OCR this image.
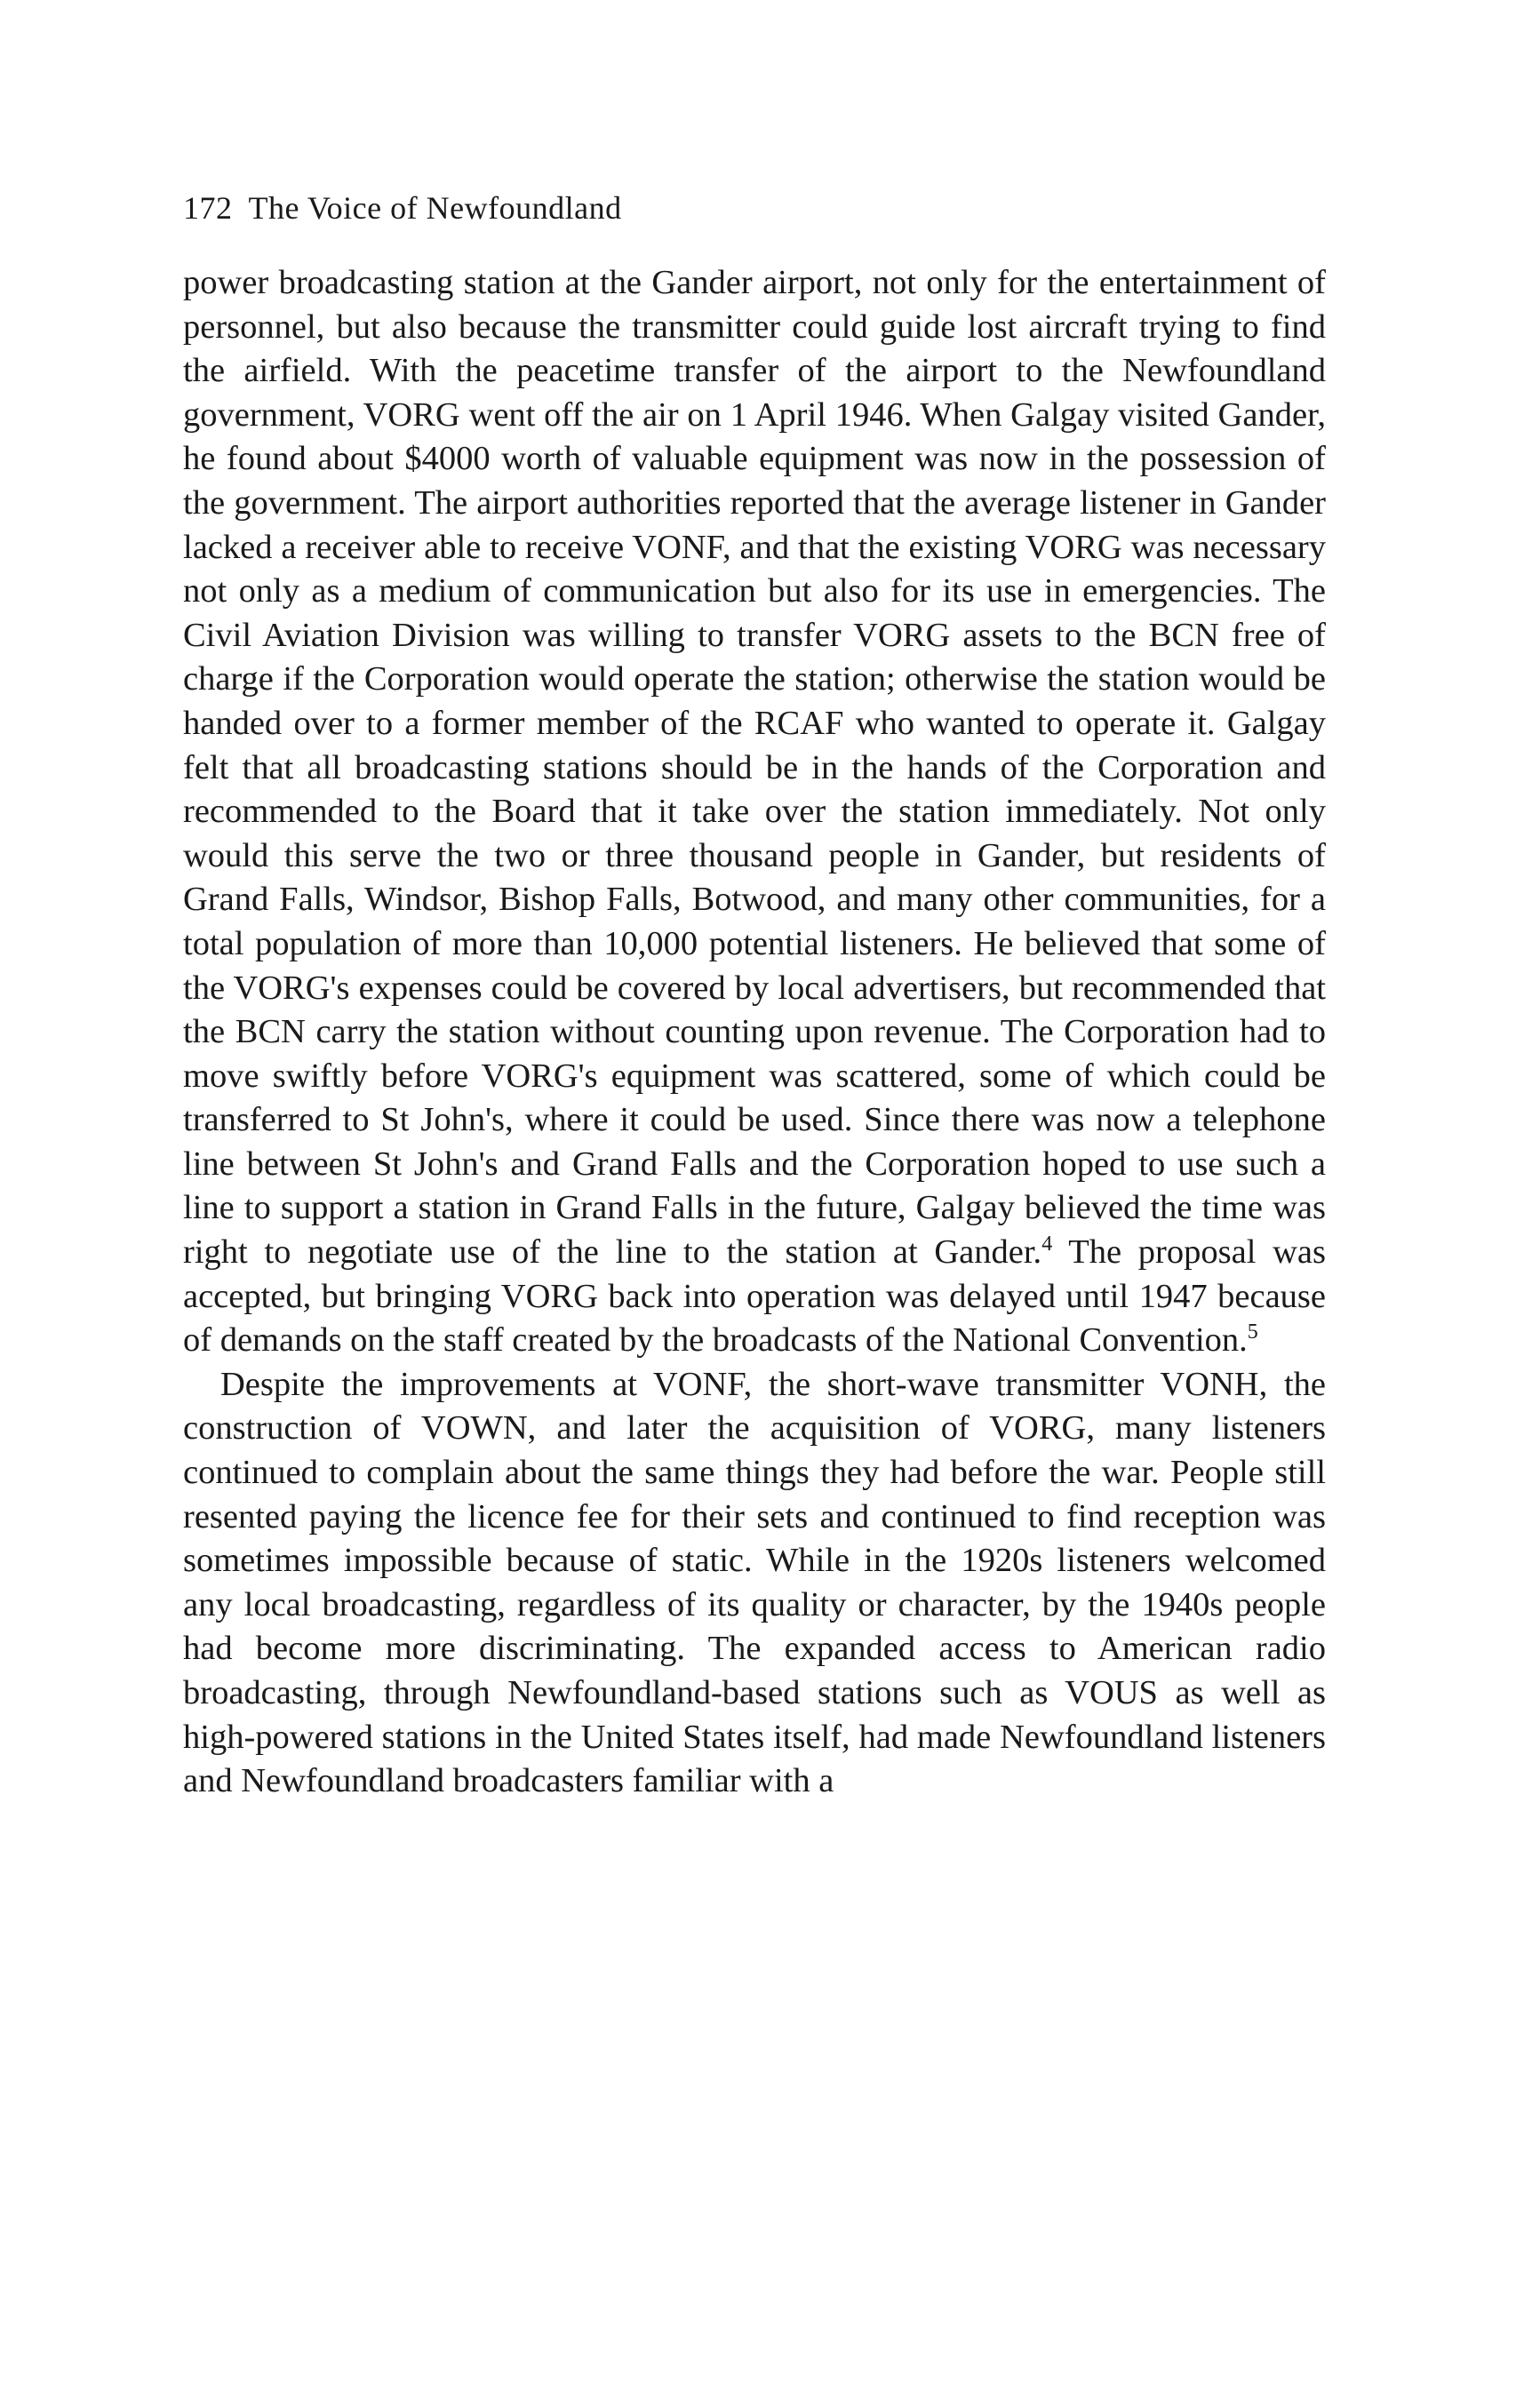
172 The Voice of Newfoundland

power broadcasting station at the Gander airport, not only for the entertainment of personnel, but also because the transmitter could guide lost aircraft trying to find the airfield. With the peacetime transfer of the airport to the Newfoundland government, VORG went off the air on 1 April 1946. When Galgay visited Gander, he found about $4000 worth of valuable equipment was now in the possession of the government. The airport authorities reported that the average listener in Gander lacked a receiver able to receive VONF, and that the existing VORG was necessary not only as a medium of communication but also for its use in emergencies. The Civil Aviation Division was willing to transfer VORG assets to the BCN free of charge if the Corporation would operate the station; otherwise the station would be handed over to a former member of the RCAF who wanted to operate it. Galgay felt that all broadcasting stations should be in the hands of the Corporation and recommended to the Board that it take over the station immediately. Not only would this serve the two or three thousand people in Gander, but residents of Grand Falls, Windsor, Bishop Falls, Botwood, and many other communities, for a total population of more than 10,000 potential listeners. He believed that some of the VORG's expenses could be covered by local advertisers, but recommended that the BCN carry the station without counting upon revenue. The Corporation had to move swiftly before VORG's equipment was scattered, some of which could be transferred to St John's, where it could be used. Since there was now a telephone line between St John's and Grand Falls and the Corporation hoped to use such a line to support a station in Grand Falls in the future, Galgay believed the time was right to negotiate use of the line to the station at Gander.$^4$ The proposal was accepted, but bringing VORG back into operation was delayed until 1947 because of demands on the staff created by the broadcasts of the National Convention.$^5$

Despite the improvements at VONF, the short-wave transmitter VONH, the construction of VOWN, and later the acquisition of VORG, many listeners continued to complain about the same things they had before the war. People still resented paying the licence fee for their sets and continued to find reception was sometimes impossible because of static. While in the 1920s listeners welcomed any local broadcasting, regardless of its quality or character, by the 1940s people had become more discriminating. The expanded access to American radio broadcasting, through Newfoundland-based stations such as VOUS as well as high-powered stations in the United States itself, had made Newfoundland listeners and Newfoundland broadcasters familiar with a
